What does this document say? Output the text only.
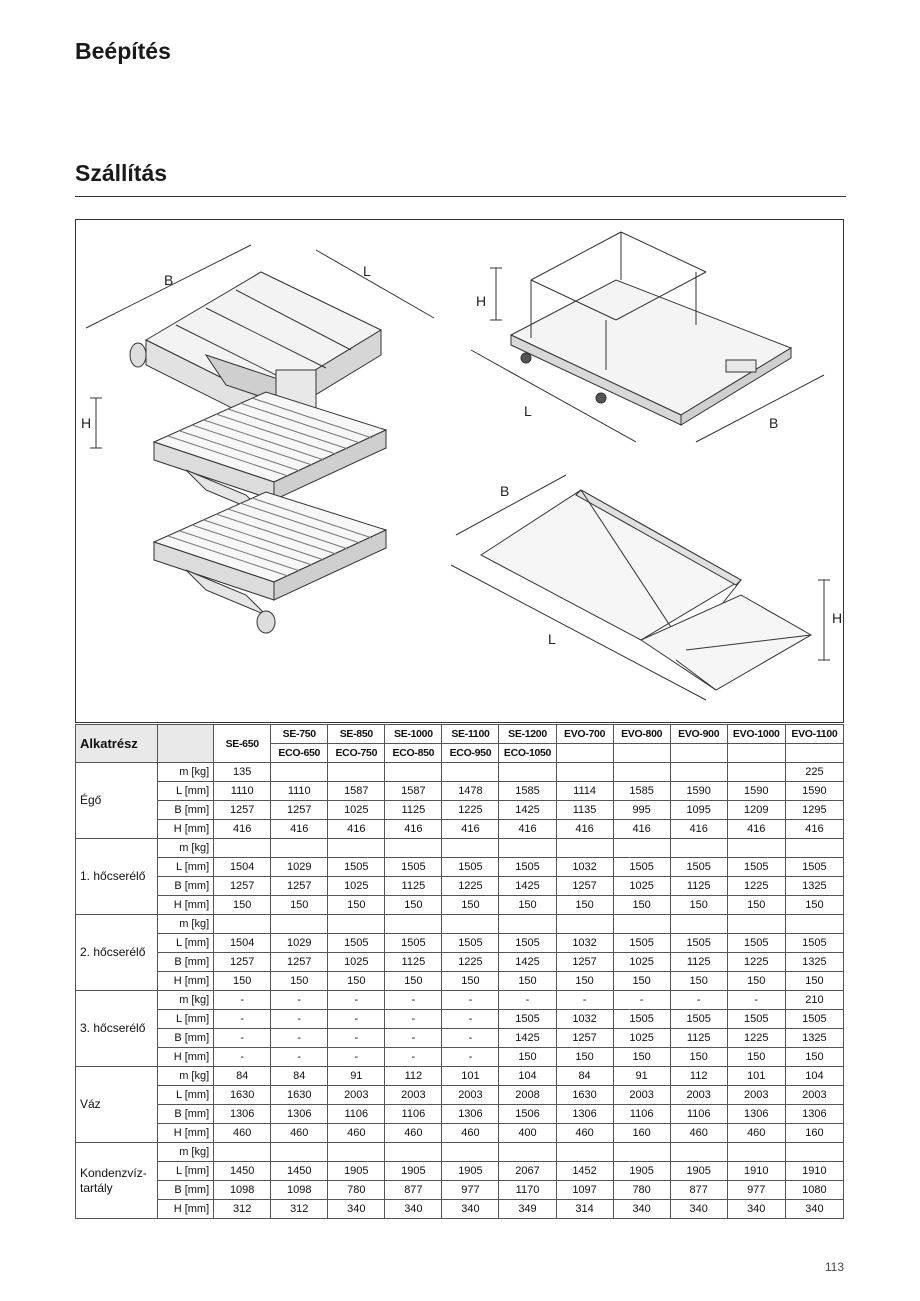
Beépítés
Szállítás
B
L
H
H
L
B
B
L
H
Alkatrész		SE-650	SE-750	SE-850	SE-1000	SE-1100	SE-1200	EVO-700	EVO-800	EVO-900	EVO-1000	EVO-1100
			ECO-650	ECO-750	ECO-850	ECO-950	ECO-1050					
Égő	m [kg]	135										225
	L [mm]	1110	1110	1587	1587	1478	1585	1114	1585	1590	1590	1590
	B [mm]	1257	1257	1025	1125	1225	1425	1135	995	1095	1209	1295
	H [mm]	416	416	416	416	416	416	416	416	416	416	416
1. hőcserélő	m [kg]											
	L [mm]	1504	1029	1505	1505	1505	1505	1032	1505	1505	1505	1505
	B [mm]	1257	1257	1025	1125	1225	1425	1257	1025	1125	1225	1325
	H [mm]	150	150	150	150	150	150	150	150	150	150	150
2. hőcserélő	m [kg]											
	L [mm]	1504	1029	1505	1505	1505	1505	1032	1505	1505	1505	1505
	B [mm]	1257	1257	1025	1125	1225	1425	1257	1025	1125	1225	1325
	H [mm]	150	150	150	150	150	150	150	150	150	150	150
3. hőcserélő	m [kg]	-	-	-	-	-	-	-	-	-	-	210
	L [mm]	-	-	-	-	-	1505	1032	1505	1505	1505	1505
	B [mm]	-	-	-	-	-	1425	1257	1025	1125	1225	1325
	H [mm]	-	-	-	-	-	150	150	150	150	150	150
Váz	m [kg]	84	84	91	112	101	104	84	91	112	101	104
	L [mm]	1630	1630	2003	2003	2003	2008	1630	2003	2003	2003	2003
	B [mm]	1306	1306	1106	1106	1306	1506	1306	1106	1106	1306	1306
	H [mm]	460	460	460	460	460	400	460	160	460	460	160
Kondenzvíz-tartály	m [kg]											
	L [mm]	1450	1450	1905	1905	1905	2067	1452	1905	1905	1910	1910
	B [mm]	1098	1098	780	877	977	1170	1097	780	877	977	1080
	H [mm]	312	312	340	340	340	349	314	340	340	340	340
113
